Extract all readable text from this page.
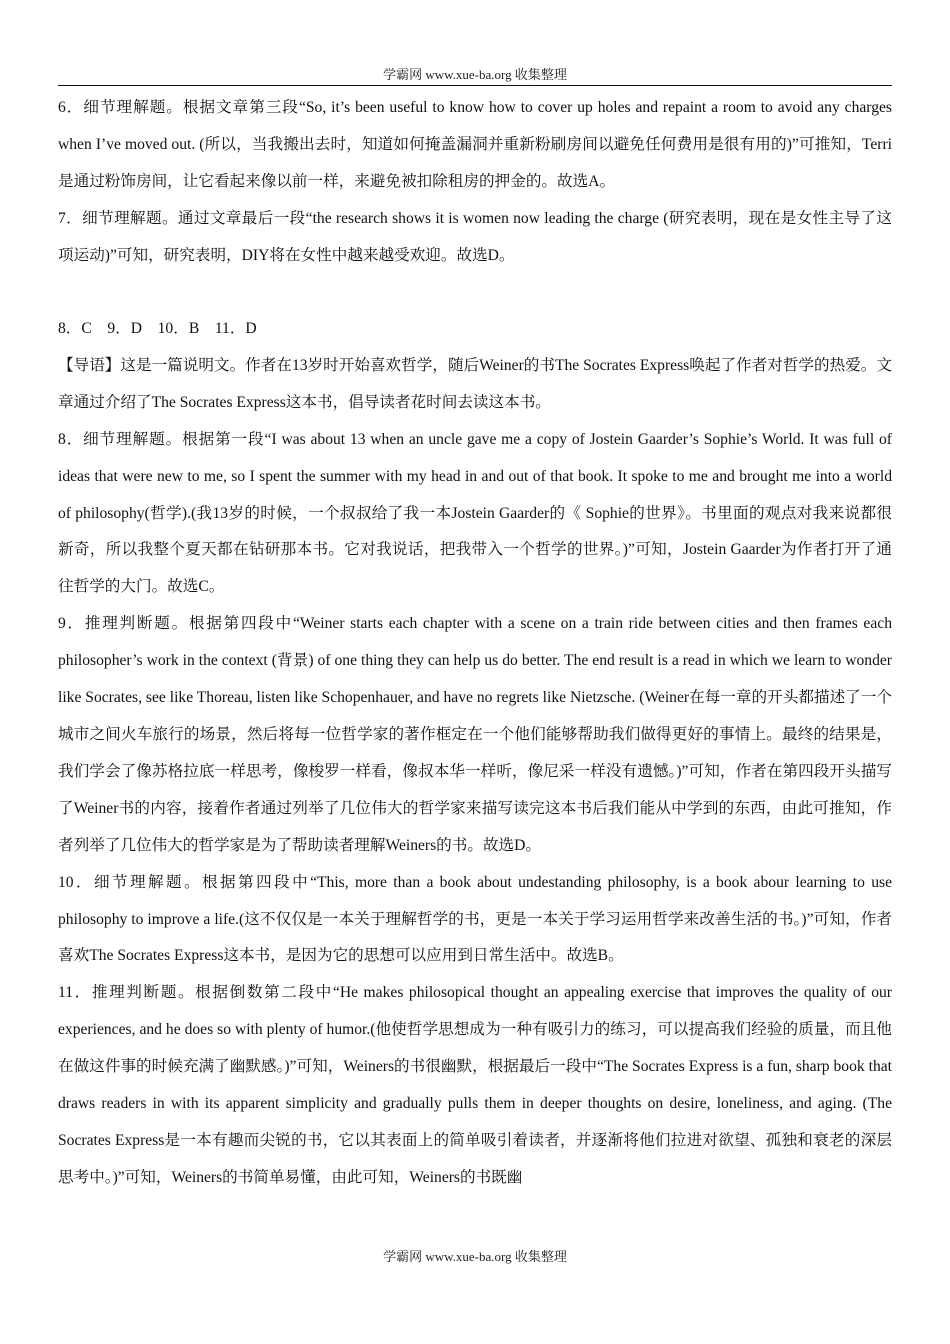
学霸网 www.xue-ba.org 收集整理

6．细节理解题。根据文章第三段“So, it’s been useful to know how to cover up holes and repaint a room to avoid any charges when I’ve moved out. (所以，当我搬出去时，知道如何掩盖漏洞并重新粉刷房间以避免任何费用是很有用的)”可推知，Terri是通过粉饰房间，让它看起来像以前一样，来避免被扣除租房的押金的。故选A。

7．细节理解题。通过文章最后一段“the research shows it is women now leading the charge (研究表明，现在是女性主导了这项运动)”可知，研究表明，DIY将在女性中越来越受欢迎。故选D。

8．C　9．D　10．B　11．D

【导语】这是一篇说明文。作者在13岁时开始喜欢哲学，随后Weiner的书The Socrates Express唤起了作者对哲学的热爱。文章通过介绍了The Socrates Express这本书，倡导读者花时间去读这本书。

8．细节理解题。根据第一段“I was about 13 when an uncle gave me a copy of Jostein Gaarder’s Sophie’s World. It was full of ideas that were new to me, so I spent the summer with my head in and out of that book. It spoke to me and brought me into a world of philosophy(哲学).(我13岁的时候，一个叔叔给了我一本Jostein Gaarder的《 Sophie的世界》。书里面的观点对我来说都很新奇，所以我整个夏天都在钻研那本书。它对我说话，把我带入一个哲学的世界。)”可知，Jostein Gaarder为作者打开了通往哲学的大门。故选C。

9．推理判断题。根据第四段中“Weiner starts each chapter with a scene on a train ride between cities and then frames each philosopher’s work in the context (背景) of one thing they can help us do better. The end result is a read in which we learn to wonder like Socrates, see like Thoreau, listen like Schopenhauer, and have no regrets like Nietzsche. (Weiner在每一章的开头都描述了一个城市之间火车旅行的场景，然后将每一位哲学家的著作框定在一个他们能够帮助我们做得更好的事情上。最终的结果是，我们学会了像苏格拉底一样思考，像梭罗一样看，像叔本华一样听，像尼采一样没有遗憾。)”可知，作者在第四段开头描写了Weiner书的内容，接着作者通过列举了几位伟大的哲学家来描写读完这本书后我们能从中学到的东西，由此可推知，作者列举了几位伟大的哲学家是为了帮助读者理解Weiners的书。故选D。

10．细节理解题。根据第四段中“This, more than a book about undestanding philosophy, is a book abour learning to use philosophy to improve a life.(这不仅仅是一本关于理解哲学的书，更是一本关于学习运用哲学来改善生活的书。)”可知，作者喜欢The Socrates Express这本书，是因为它的思想可以应用到日常生活中。故选B。

11．推理判断题。根据倒数第二段中“He makes philosopical thought an appealing exercise that improves the quality of our experiences, and he does so with plenty of humor.(他使哲学思想成为一种有吸引力的练习，可以提高我们经验的质量，而且他在做这件事的时候充满了幽默感。)”可知，Weiners的书很幽默，根据最后一段中“The Socrates Express is a fun, sharp book that draws readers in with its apparent simplicity and gradually pulls them in deeper thoughts on desire, loneliness, and aging. (The Socrates Express是一本有趣而尖锐的书，它以其表面上的简单吸引着读者，并逐渐将他们拉进对欲望、孤独和衰老的深层思考中。)”可知，Weiners的书简单易懂，由此可知，Weiners的书既幽

学霸网 www.xue-ba.org 收集整理
